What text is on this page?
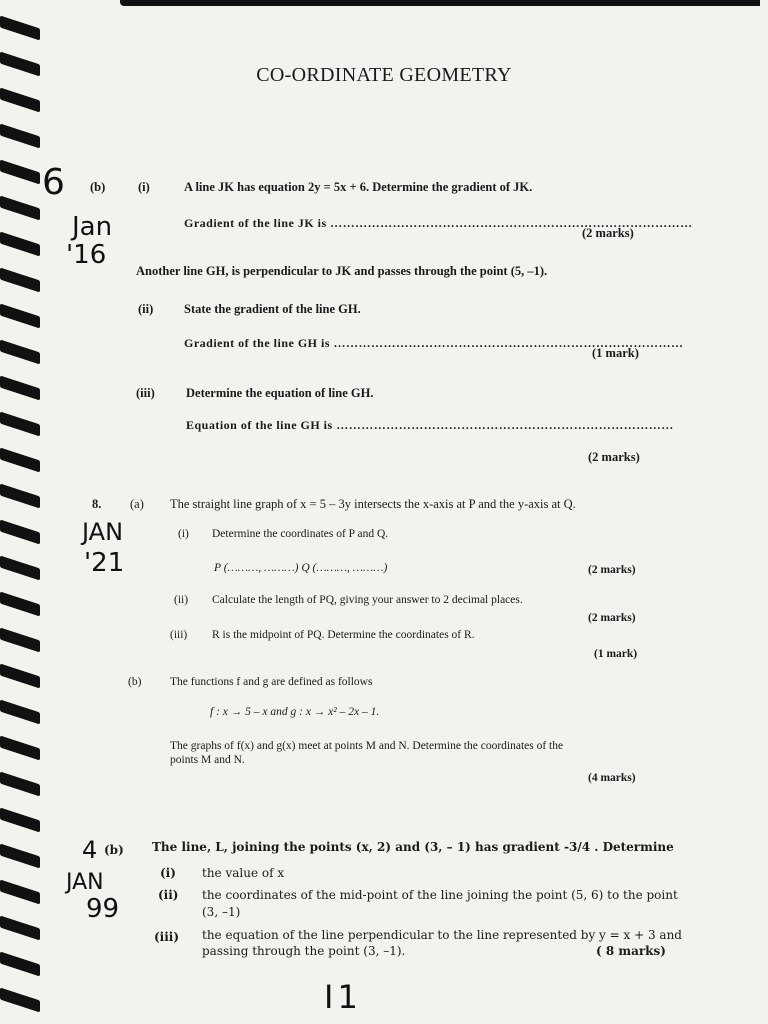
CO-ORDINATE GEOMETRY
6
Jan
'16
JAN
'21
4
JAN
99
I1
(b)	(i)	A line JK has equation 2y = 5x + 6. Determine the gradient of JK.
Gradient of the line JK is ……………………………………………………………………………
(2 marks)
Another line GH, is perpendicular to JK and passes through the point (5, –1).
(ii) State the gradient of the line GH.
Gradient of the line GH is …………………………………………………………………………
(1 mark)
(iii)	Determine the equation of line GH.
Equation of the line GH is ………………………………………………………………………
(2 marks)
8. (a) The straight line graph of x = 5 – 3y intersects the x-axis at P and the y-axis at Q.
(i) Determine the coordinates of P and Q.
P (………, ………) Q (………, ………)	(2 marks)
(ii) Calculate the length of PQ, giving your answer to 2 decimal places.
(2 marks)
(iii) R is the midpoint of PQ. Determine the coordinates of R.
(1 mark)
(b) The functions f and g are defined as follows
f : x → 5 – x and g : x → x² – 2x – 1.
The graphs of f(x) and g(x) meet at points M and N. Determine the coordinates of the
points M and N.
(4 marks)
(b) The line, L, joining the points (x, 2) and (3, – 1) has gradient -3/4 . Determine
(i) the value of x
(ii) the coordinates of the mid-point of the line joining the point (5, 6) to the point
(3, –1)
(iii) the equation of the line perpendicular to the line represented by y = x + 3 and
passing through the point (3, –1).	( 8 marks)
